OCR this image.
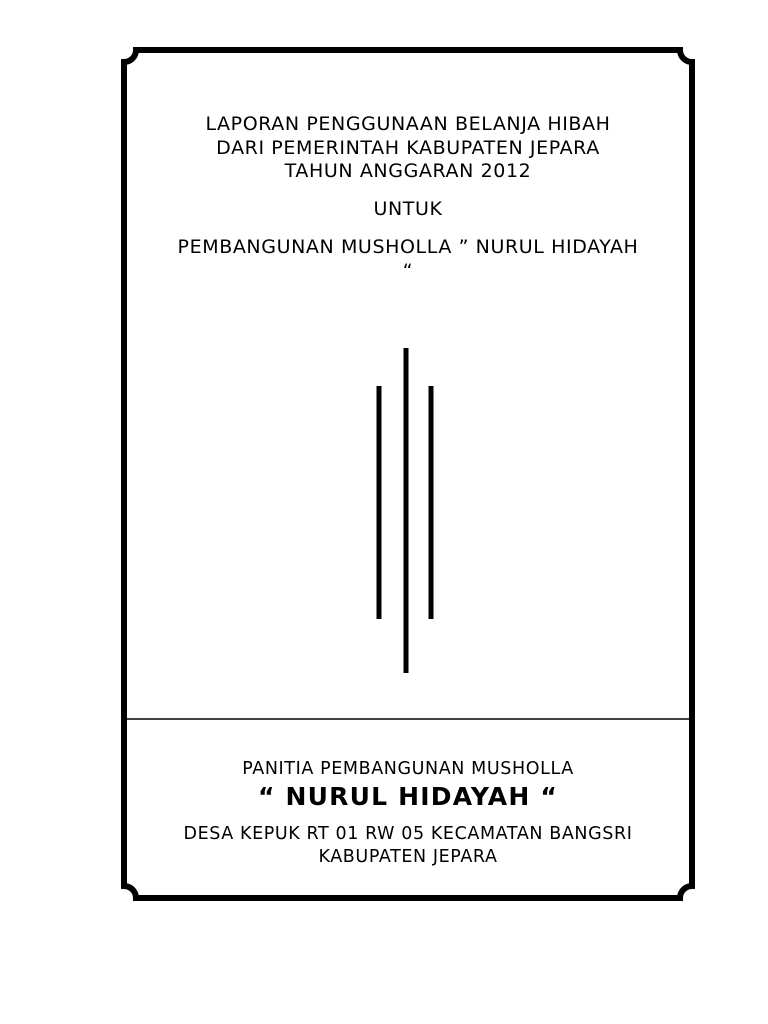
LAPORAN PENGGUNAAN BELANJA HIBAH
DARI PEMERINTAH KABUPATEN JEPARA
TAHUN ANGGARAN 2012
UNTUK
PEMBANGUNAN MUSHOLLA ” NURUL HIDAYAH “
PANITIA PEMBANGUNAN MUSHOLLA
“ NURUL HIDAYAH “
DESA KEPUK RT 01 RW 05 KECAMATAN BANGSRI
KABUPATEN JEPARA
